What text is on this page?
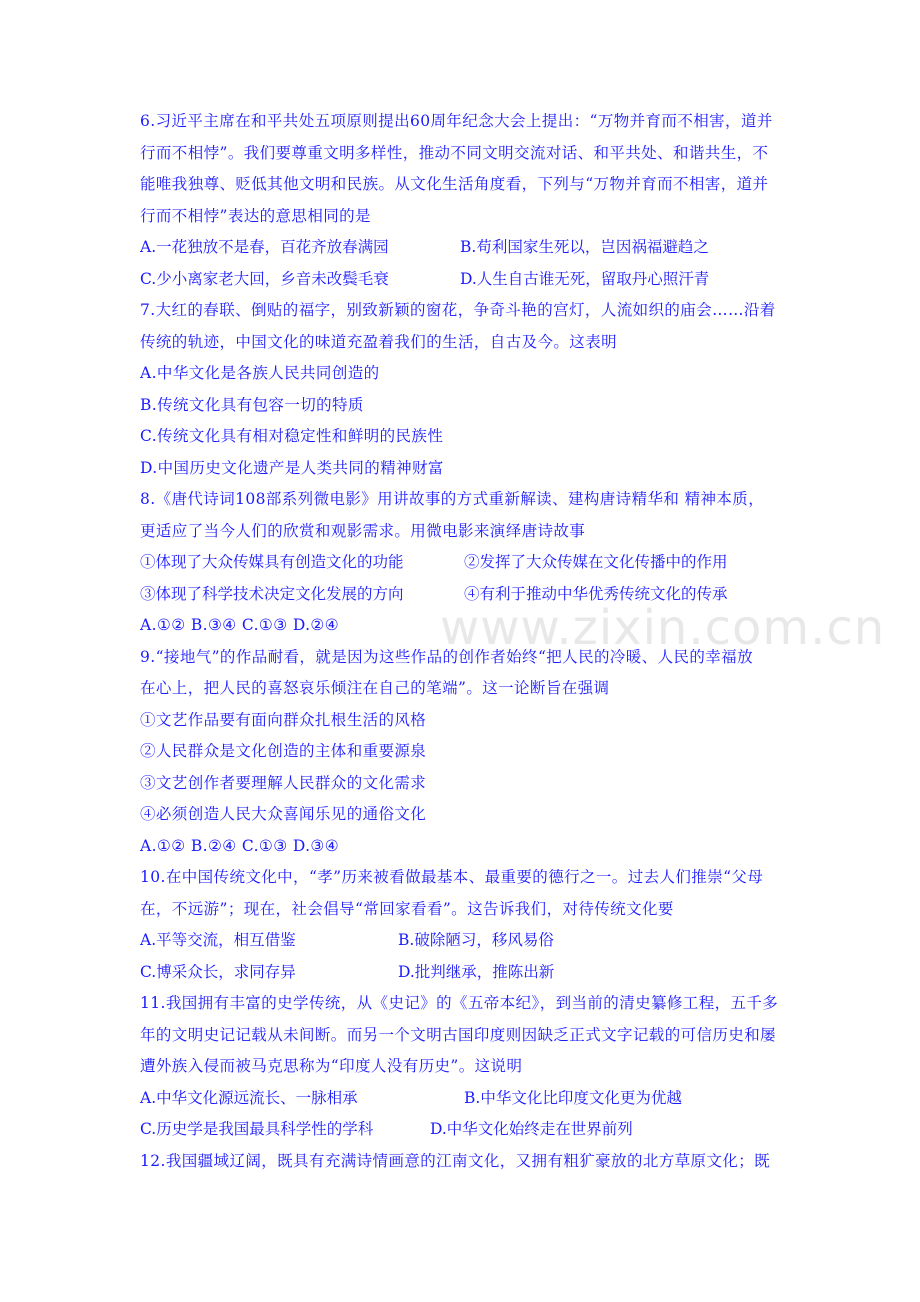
www.zixin.com.cn
6.习近平主席在和平共处五项原则提出60周年纪念大会上提出：“万物并育而不相害，道并
行而不相悖”。我们要尊重文明多样性，推动不同文明交流对话、和平共处、和谐共生，不
能唯我独尊、贬低其他文明和民族。从文化生活角度看，下列与“万物并育而不相害，道并
行而不相悖”表达的意思相同的是
A.一花独放不是春，百花齐放春满园	B.苟利国家生死以，岂因祸福避趋之
C.少小离家老大回，乡音未改鬓毛衰	D.人生自古谁无死，留取丹心照汗青
7.大红的春联、倒贴的福字，别致新颖的窗花，争奇斗艳的宫灯，人流如织的庙会……沿着
传统的轨迹，中国文化的味道充盈着我们的生活，自古及今。这表明
A.中华文化是各族人民共同创造的
B.传统文化具有包容一切的特质
C.传统文化具有相对稳定性和鲜明的民族性
D.中国历史文化遗产是人类共同的精神财富
8.《唐代诗词108部系列微电影》用讲故事的方式重新解读、建构唐诗精华和 精神本质，
更适应了当今人们的欣赏和观影需求。用微电影来演绎唐诗故事
①体现了大众传媒具有创造文化的功能	②发挥了大众传媒在文化传播中的作用
③体现了科学技术决定文化发展的方向	④有利于推动中华优秀传统文化的传承
A.①② B.③④ C.①③ D.②④
9.“接地气”的作品耐看，就是因为这些作品的创作者始终“把人民的冷暖、人民的幸福放
在心上，把人民的喜怒哀乐倾注在自己的笔端”。这一论断旨在强调
①文艺作品要有面向群众扎根生活的风格
②人民群众是文化创造的主体和重要源泉
③文艺创作者要理解人民群众的文化需求
④必须创造人民大众喜闻乐见的通俗文化
A.①② B.②④ C.①③ D.③④
10.在中国传统文化中，“孝”历来被看做最基本、最重要的德行之一。过去人们推崇“父母
在，不远游”；现在，社会倡导“常回家看看”。这告诉我们，对待传统文化要
A.平等交流，相互借鉴	B.破除陋习，移风易俗
C.博采众长，求同存异	D.批判继承，推陈出新
11.我国拥有丰富的史学传统，从《史记》的《五帝本纪》，到当前的清史纂修工程，五千多
年的文明史记记载从未间断。而另一个文明古国印度则因缺乏正式文字记载的可信历史和屡
遭外族入侵而被马克思称为“印度人没有历史”。这说明
A.中华文化源远流长、一脉相承	B.中华文化比印度文化更为优越
C.历史学是我国最具科学性的学科	D.中华文化始终走在世界前列
12.我国疆域辽阔，既具有充满诗情画意的江南文化，又拥有粗犷豪放的北方草原文化；既
